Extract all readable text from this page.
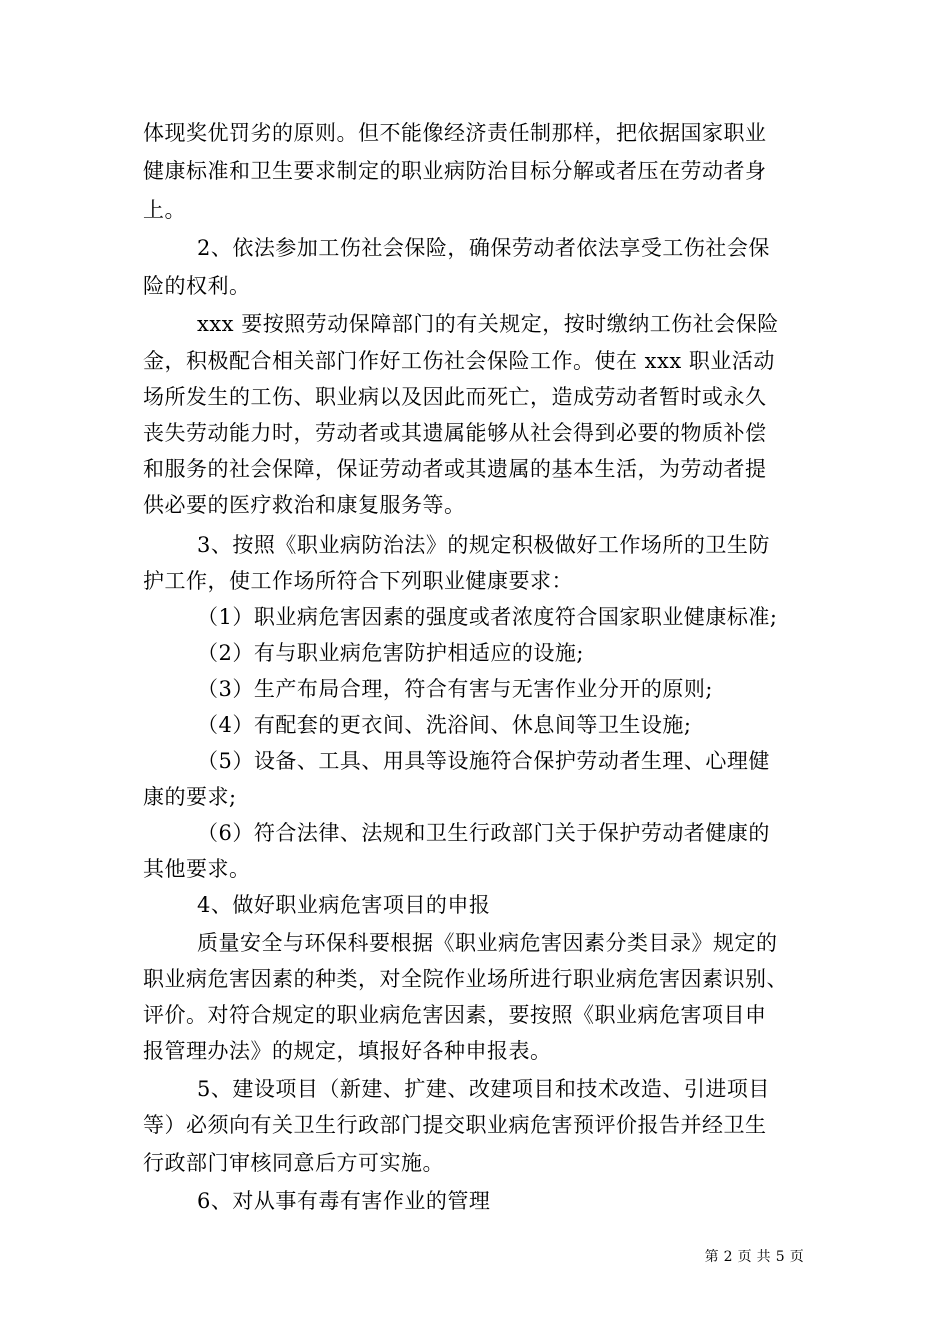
体现奖优罚劣的原则。但不能像经济责任制那样，把依据国家职业
健康标准和卫生要求制定的职业病防治目标分解或者压在劳动者身
上。
2、依法参加工伤社会保险，确保劳动者依法享受工伤社会保
险的权利。
xxx 要按照劳动保障部门的有关规定，按时缴纳工伤社会保险
金，积极配合相关部门作好工伤社会保险工作。使在 xxx 职业活动
场所发生的工伤、职业病以及因此而死亡，造成劳动者暂时或永久
丧失劳动能力时，劳动者或其遗属能够从社会得到必要的物质补偿
和服务的社会保障，保证劳动者或其遗属的基本生活，为劳动者提
供必要的医疗救治和康复服务等。
3、按照《职业病防治法》的规定积极做好工作场所的卫生防
护工作，使工作场所符合下列职业健康要求：
（1）职业病危害因素的强度或者浓度符合国家职业健康标准;
（2）有与职业病危害防护相适应的设施;
（3）生产布局合理，符合有害与无害作业分开的原则;
（4）有配套的更衣间、洗浴间、休息间等卫生设施;
（5）设备、工具、用具等设施符合保护劳动者生理、心理健
康的要求;
（6）符合法律、法规和卫生行政部门关于保护劳动者健康的
其他要求。
4、做好职业病危害项目的申报
质量安全与环保科要根据《职业病危害因素分类目录》规定的
职业病危害因素的种类，对全院作业场所进行职业病危害因素识别、
评价。对符合规定的职业病危害因素，要按照《职业病危害项目申
报管理办法》的规定，填报好各种申报表。
5、建设项目（新建、扩建、改建项目和技术改造、引进项目
等）必须向有关卫生行政部门提交职业病危害预评价报告并经卫生
行政部门审核同意后方可实施。
6、对从事有毒有害作业的管理
第 2 页 共 5 页
